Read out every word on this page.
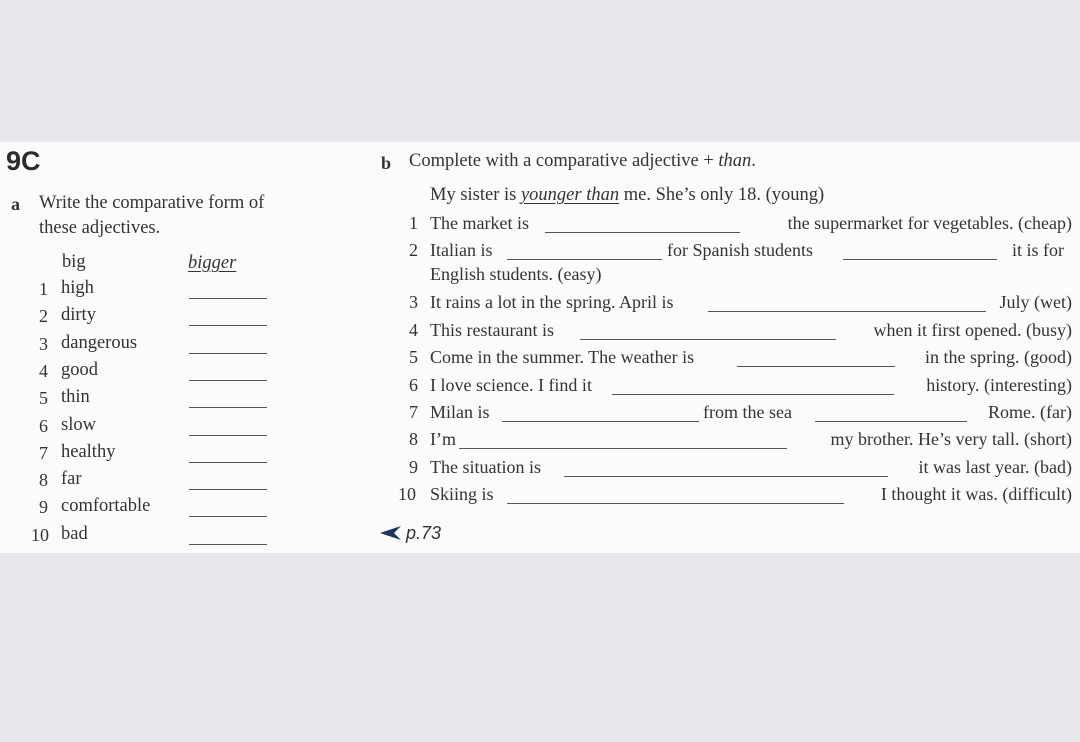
9C
a Write the comparative form of
these adjectives.
big	bigger
1 high
2 dirty
3 dangerous
4 good
5 thin
6 slow
7 healthy
8 far
9 comfortable
10 bad
b Complete with a comparative adjective + than.
My sister is younger than me. She’s only 18. (young)
1 The market is	the supermarket for vegetables. (cheap)
2 Italian is	for Spanish students	it is for
English students. (easy)
3 It rains a lot in the spring. April is	July (wet)
4 This restaurant is	when it first opened. (busy)
5 Come in the summer. The weather is	in the spring. (good)
6 I love science. I find it	history. (interesting)
7 Milan is	from the sea	Rome. (far)
8 I’m	my brother. He’s very tall. (short)
9 The situation is	it was last year. (bad)
10 Skiing is	I thought it was. (difficult)
p.73
